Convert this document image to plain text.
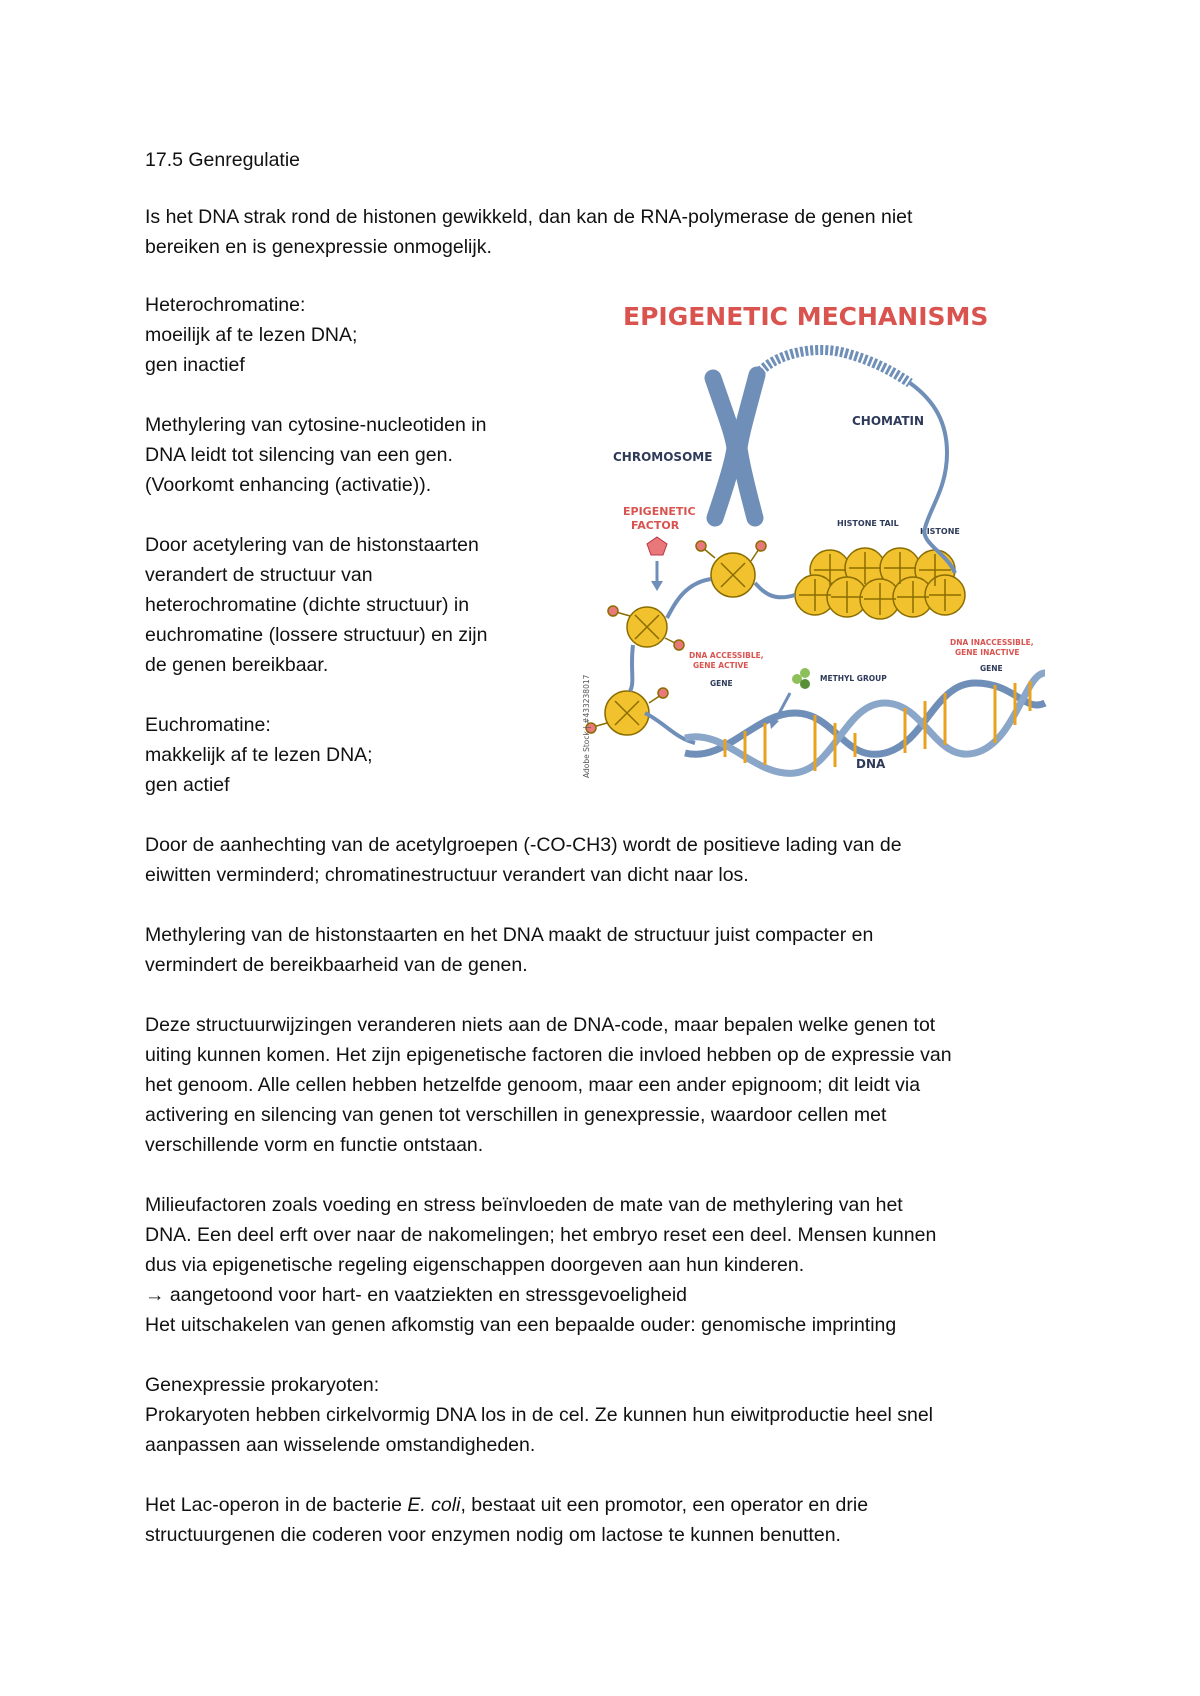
17.5 Genregulatie

Is het DNA strak rond de histonen gewikkeld, dan kan de RNA-polymerase de genen niet

bereiken en is genexpressie onmogelijk.

Heterochromatine:

moeilijk af te lezen DNA;

gen inactief

Methylering van cytosine-nucleotiden in

DNA leidt tot silencing van een gen.

(Voorkomt enhancing (activatie)).

Door acetylering van de histonstaarten

verandert de structuur van

heterochromatine (dichte structuur) in

euchromatine (lossere structuur) en zijn

de genen bereikbaar.

Euchromatine:

makkelijk af te lezen DNA;

gen actief

Door de aanhechting van de acetylgroepen (-CO-CH3) wordt de positieve lading van de

eiwitten verminderd; chromatinestructuur verandert van dicht naar los.

Methylering van de histonstaarten en het DNA maakt de structuur juist compacter en

vermindert de bereikbaarheid van de genen.

Deze structuurwijzingen veranderen niets aan de DNA-code, maar bepalen welke genen tot

uiting kunnen komen. Het zijn epigenetische factoren die invloed hebben op de expressie van

het genoom. Alle cellen hebben hetzelfde genoom, maar een ander epignoom; dit leidt via

activering en silencing van genen tot verschillen in genexpressie, waardoor cellen met

verschillende vorm en functie ontstaan.

Milieufactoren zoals voeding en stress beïnvloeden de mate van de methylering van het

DNA. Een deel erft over naar de nakomelingen; het embryo reset een deel. Mensen kunnen

dus via epigenetische regeling eigenschappen doorgeven aan hun kinderen.

→ aangetoond voor hart- en vaatziekten en stressgevoeligheid

Het uitschakelen van genen afkomstig van een bepaalde ouder: genomische imprinting

Genexpressie prokaryoten:

Prokaryoten hebben cirkelvormig DNA los in de cel. Ze kunnen hun eiwitproductie heel snel

aanpassen aan wisselende omstandigheden.

Het Lac-operon in de bacterie E. coli, bestaat uit een promotor, een operator en drie

structuurgenen die coderen voor enzymen nodig om lactose te kunnen benutten.

EPIGENETIC MECHANISMS
CHROMOSOME
CHOMATIN
EPIGENETIC
FACTOR	HISTONE TAIL
HISTONE
DNA ACCESSIBLE,
GENE ACTIVE
GENE
DNA INACCESSIBLE,
GENE INACTIVE
GENE
METHYL GROUP
DNA
Adobe Stock | #433238017
